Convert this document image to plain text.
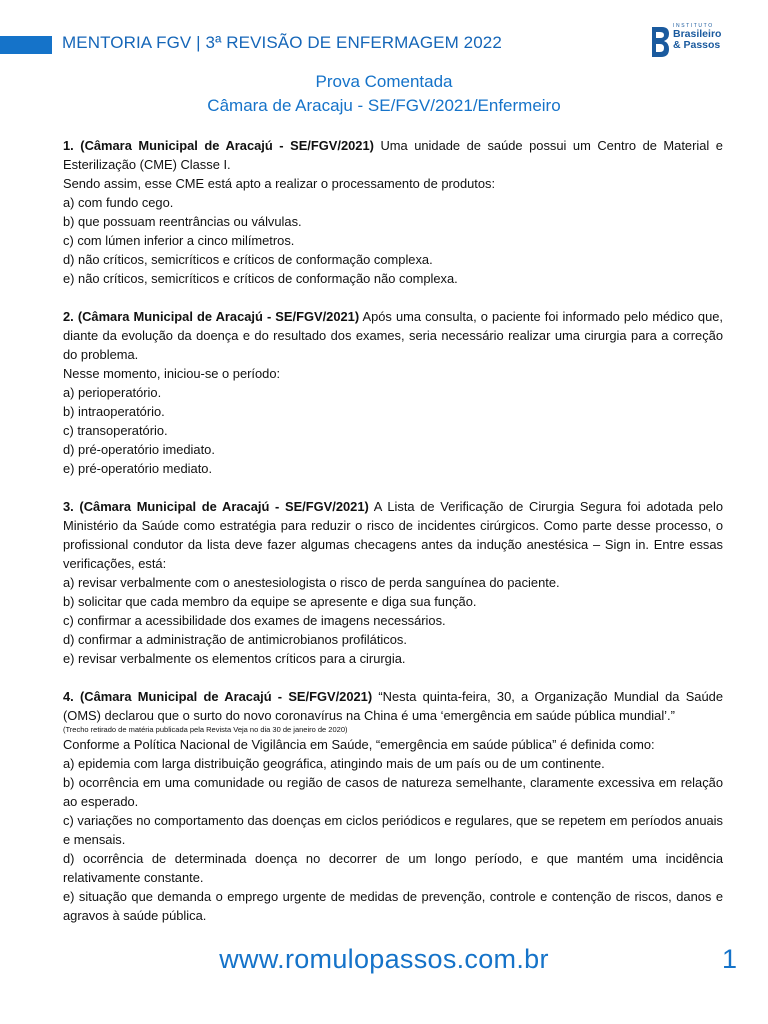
MENTORIA FGV | 3ª REVISÃO DE ENFERMAGEM 2022
INSTITUTO
Brasileiro
& Passos
Prova Comentada
Câmara de Aracaju - SE/FGV/2021/Enfermeiro

1. (Câmara Municipal de Aracajú - SE/FGV/2021) Uma unidade de saúde possui um Centro de Material e Esterilização (CME) Classe I.

Sendo assim, esse CME está apto a realizar o processamento de produtos:

a) com fundo cego.
b) que possuam reentrâncias ou válvulas.
c) com lúmen inferior a cinco milímetros.
d) não críticos, semicríticos e críticos de conformação complexa.
e) não críticos, semicríticos e críticos de conformação não complexa.

2. (Câmara Municipal de Aracajú - SE/FGV/2021) Após uma consulta, o paciente foi informado pelo médico que, diante da evolução da doença e do resultado dos exames, seria necessário realizar uma cirurgia para a correção do problema.

Nesse momento, iniciou-se o período:

a) perioperatório.
b) intraoperatório.
c) transoperatório.
d) pré-operatório imediato.
e) pré-operatório mediato.

3. (Câmara Municipal de Aracajú - SE/FGV/2021) A Lista de Verificação de Cirurgia Segura foi adotada pelo Ministério da Saúde como estratégia para reduzir o risco de incidentes cirúrgicos. Como parte desse processo, o profissional condutor da lista deve fazer algumas checagens antes da indução anestésica – Sign in. Entre essas verificações, está:

a) revisar verbalmente com o anestesiologista o risco de perda sanguínea do paciente.
b) solicitar que cada membro da equipe se apresente e diga sua função.
c) confirmar a acessibilidade dos exames de imagens necessários.
d) confirmar a administração de antimicrobianos profiláticos.
e) revisar verbalmente os elementos críticos para a cirurgia.

4. (Câmara Municipal de Aracajú - SE/FGV/2021) “Nesta quinta-feira, 30, a Organização Mundial da Saúde (OMS) declarou que o surto do novo coronavírus na China é uma ‘emergência em saúde pública mundial’.”

(Trecho retirado de matéria publicada pela Revista Veja no dia 30 de janeiro de 2020)

Conforme a Política Nacional de Vigilância em Saúde, “emergência em saúde pública” é definida como:

a) epidemia com larga distribuição geográfica, atingindo mais de um país ou de um continente.

b) ocorrência em uma comunidade ou região de casos de natureza semelhante, claramente excessiva em relação ao esperado.

c) variações no comportamento das doenças em ciclos periódicos e regulares, que se repetem em períodos anuais e mensais.

d) ocorrência de determinada doença no decorrer de um longo período, e que mantém uma incidência relativamente constante.

e) situação que demanda o emprego urgente de medidas de prevenção, controle e contenção de riscos, danos e agravos à saúde pública.

www.romulopassos.com.br	1
